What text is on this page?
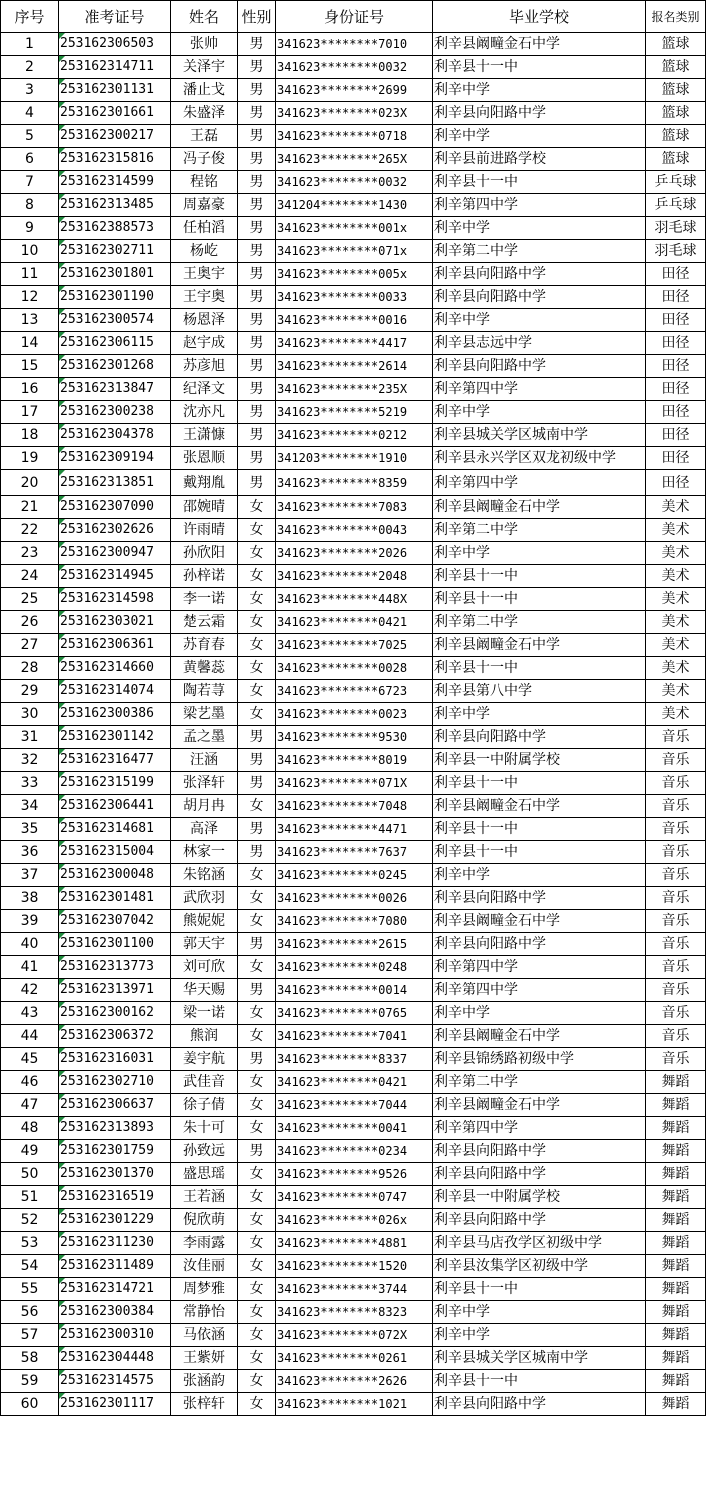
序号	准考证号	姓名	性别	身份证号	毕业学校	报名类别
1	253162306503	张帅	男	341623********7010	利辛县阚疃金石中学	篮球
2	253162314711	关泽宇	男	341623********0032	利辛县十一中	篮球
3	253162301131	潘止戈	男	341623********2699	利辛中学	篮球
4	253162301661	朱盛泽	男	341623********023X	利辛县向阳路中学	篮球
5	253162300217	王磊	男	341623********0718	利辛中学	篮球
6	253162315816	冯子俊	男	341623********265X	利辛县前进路学校	篮球
7	253162314599	程铭	男	341623********0032	利辛县十一中	乒乓球
8	253162313485	周嘉豪	男	341204********1430	利辛第四中学	乒乓球
9	253162388573	任柏滔	男	341623********001x	利辛中学	羽毛球
10	253162302711	杨屹	男	341623********071x	利辛第二中学	羽毛球
11	253162301801	王奥宇	男	341623********005x	利辛县向阳路中学	田径
12	253162301190	王宇奥	男	341623********0033	利辛县向阳路中学	田径
13	253162300574	杨恩泽	男	341623********0016	利辛中学	田径
14	253162306115	赵宇成	男	341623********4417	利辛县志远中学	田径
15	253162301268	苏彦旭	男	341623********2614	利辛县向阳路中学	田径
16	253162313847	纪泽文	男	341623********235X	利辛第四中学	田径
17	253162300238	沈亦凡	男	341623********5219	利辛中学	田径
18	253162304378	王潇慷	男	341623********0212	利辛县城关学区城南中学	田径
19	253162309194	张恩顺	男	341203********1910	利辛县永兴学区双龙初级中学	田径
20	253162313851	戴翔胤	男	341623********8359	利辛第四中学	田径
21	253162307090	邵婉晴	女	341623********7083	利辛县阚疃金石中学	美术
22	253162302626	许雨晴	女	341623********0043	利辛第二中学	美术
23	253162300947	孙欣阳	女	341623********2026	利辛中学	美术
24	253162314945	孙梓诺	女	341623********2048	利辛县十一中	美术
25	253162314598	李一诺	女	341623********448X	利辛县十一中	美术
26	253162303021	楚云霜	女	341623********0421	利辛第二中学	美术
27	253162306361	苏育春	女	341623********7025	利辛县阚疃金石中学	美术
28	253162314660	黄馨蕊	女	341623********0028	利辛县十一中	美术
29	253162314074	陶若荨	女	341623********6723	利辛县第八中学	美术
30	253162300386	梁艺墨	女	341623********0023	利辛中学	美术
31	253162301142	孟之墨	男	341623********9530	利辛县向阳路中学	音乐
32	253162316477	汪涵	男	341623********8019	利辛县一中附属学校	音乐
33	253162315199	张泽轩	男	341623********071X	利辛县十一中	音乐
34	253162306441	胡月冉	女	341623********7048	利辛县阚疃金石中学	音乐
35	253162314681	高泽	男	341623********4471	利辛县十一中	音乐
36	253162315004	林家一	男	341623********7637	利辛县十一中	音乐
37	253162300048	朱铭涵	女	341623********0245	利辛中学	音乐
38	253162301481	武欣羽	女	341623********0026	利辛县向阳路中学	音乐
39	253162307042	熊妮妮	女	341623********7080	利辛县阚疃金石中学	音乐
40	253162301100	郭天宇	男	341623********2615	利辛县向阳路中学	音乐
41	253162313773	刘可欣	女	341623********0248	利辛第四中学	音乐
42	253162313971	华天赐	男	341623********0014	利辛第四中学	音乐
43	253162300162	梁一诺	女	341623********0765	利辛中学	音乐
44	253162306372	熊润	女	341623********7041	利辛县阚疃金石中学	音乐
45	253162316031	姜宇航	男	341623********8337	利辛县锦绣路初级中学	音乐
46	253162302710	武佳音	女	341623********0421	利辛第二中学	舞蹈
47	253162306637	徐子倩	女	341623********7044	利辛县阚疃金石中学	舞蹈
48	253162313893	朱十可	女	341623********0041	利辛第四中学	舞蹈
49	253162301759	孙致远	男	341623********0234	利辛县向阳路中学	舞蹈
50	253162301370	盛思瑶	女	341623********9526	利辛县向阳路中学	舞蹈
51	253162316519	王若涵	女	341623********0747	利辛县一中附属学校	舞蹈
52	253162301229	倪欣萌	女	341623********026x	利辛县向阳路中学	舞蹈
53	253162311230	李雨露	女	341623********4881	利辛县马店孜学区初级中学	舞蹈
54	253162311489	汝佳丽	女	341623********1520	利辛县汝集学区初级中学	舞蹈
55	253162314721	周梦雅	女	341623********3744	利辛县十一中	舞蹈
56	253162300384	常静怡	女	341623********8323	利辛中学	舞蹈
57	253162300310	马依涵	女	341623********072X	利辛中学	舞蹈
58	253162304448	王紫妍	女	341623********0261	利辛县城关学区城南中学	舞蹈
59	253162314575	张涵韵	女	341623********2626	利辛县十一中	舞蹈
60	253162301117	张梓轩	女	341623********1021	利辛县向阳路中学	舞蹈
